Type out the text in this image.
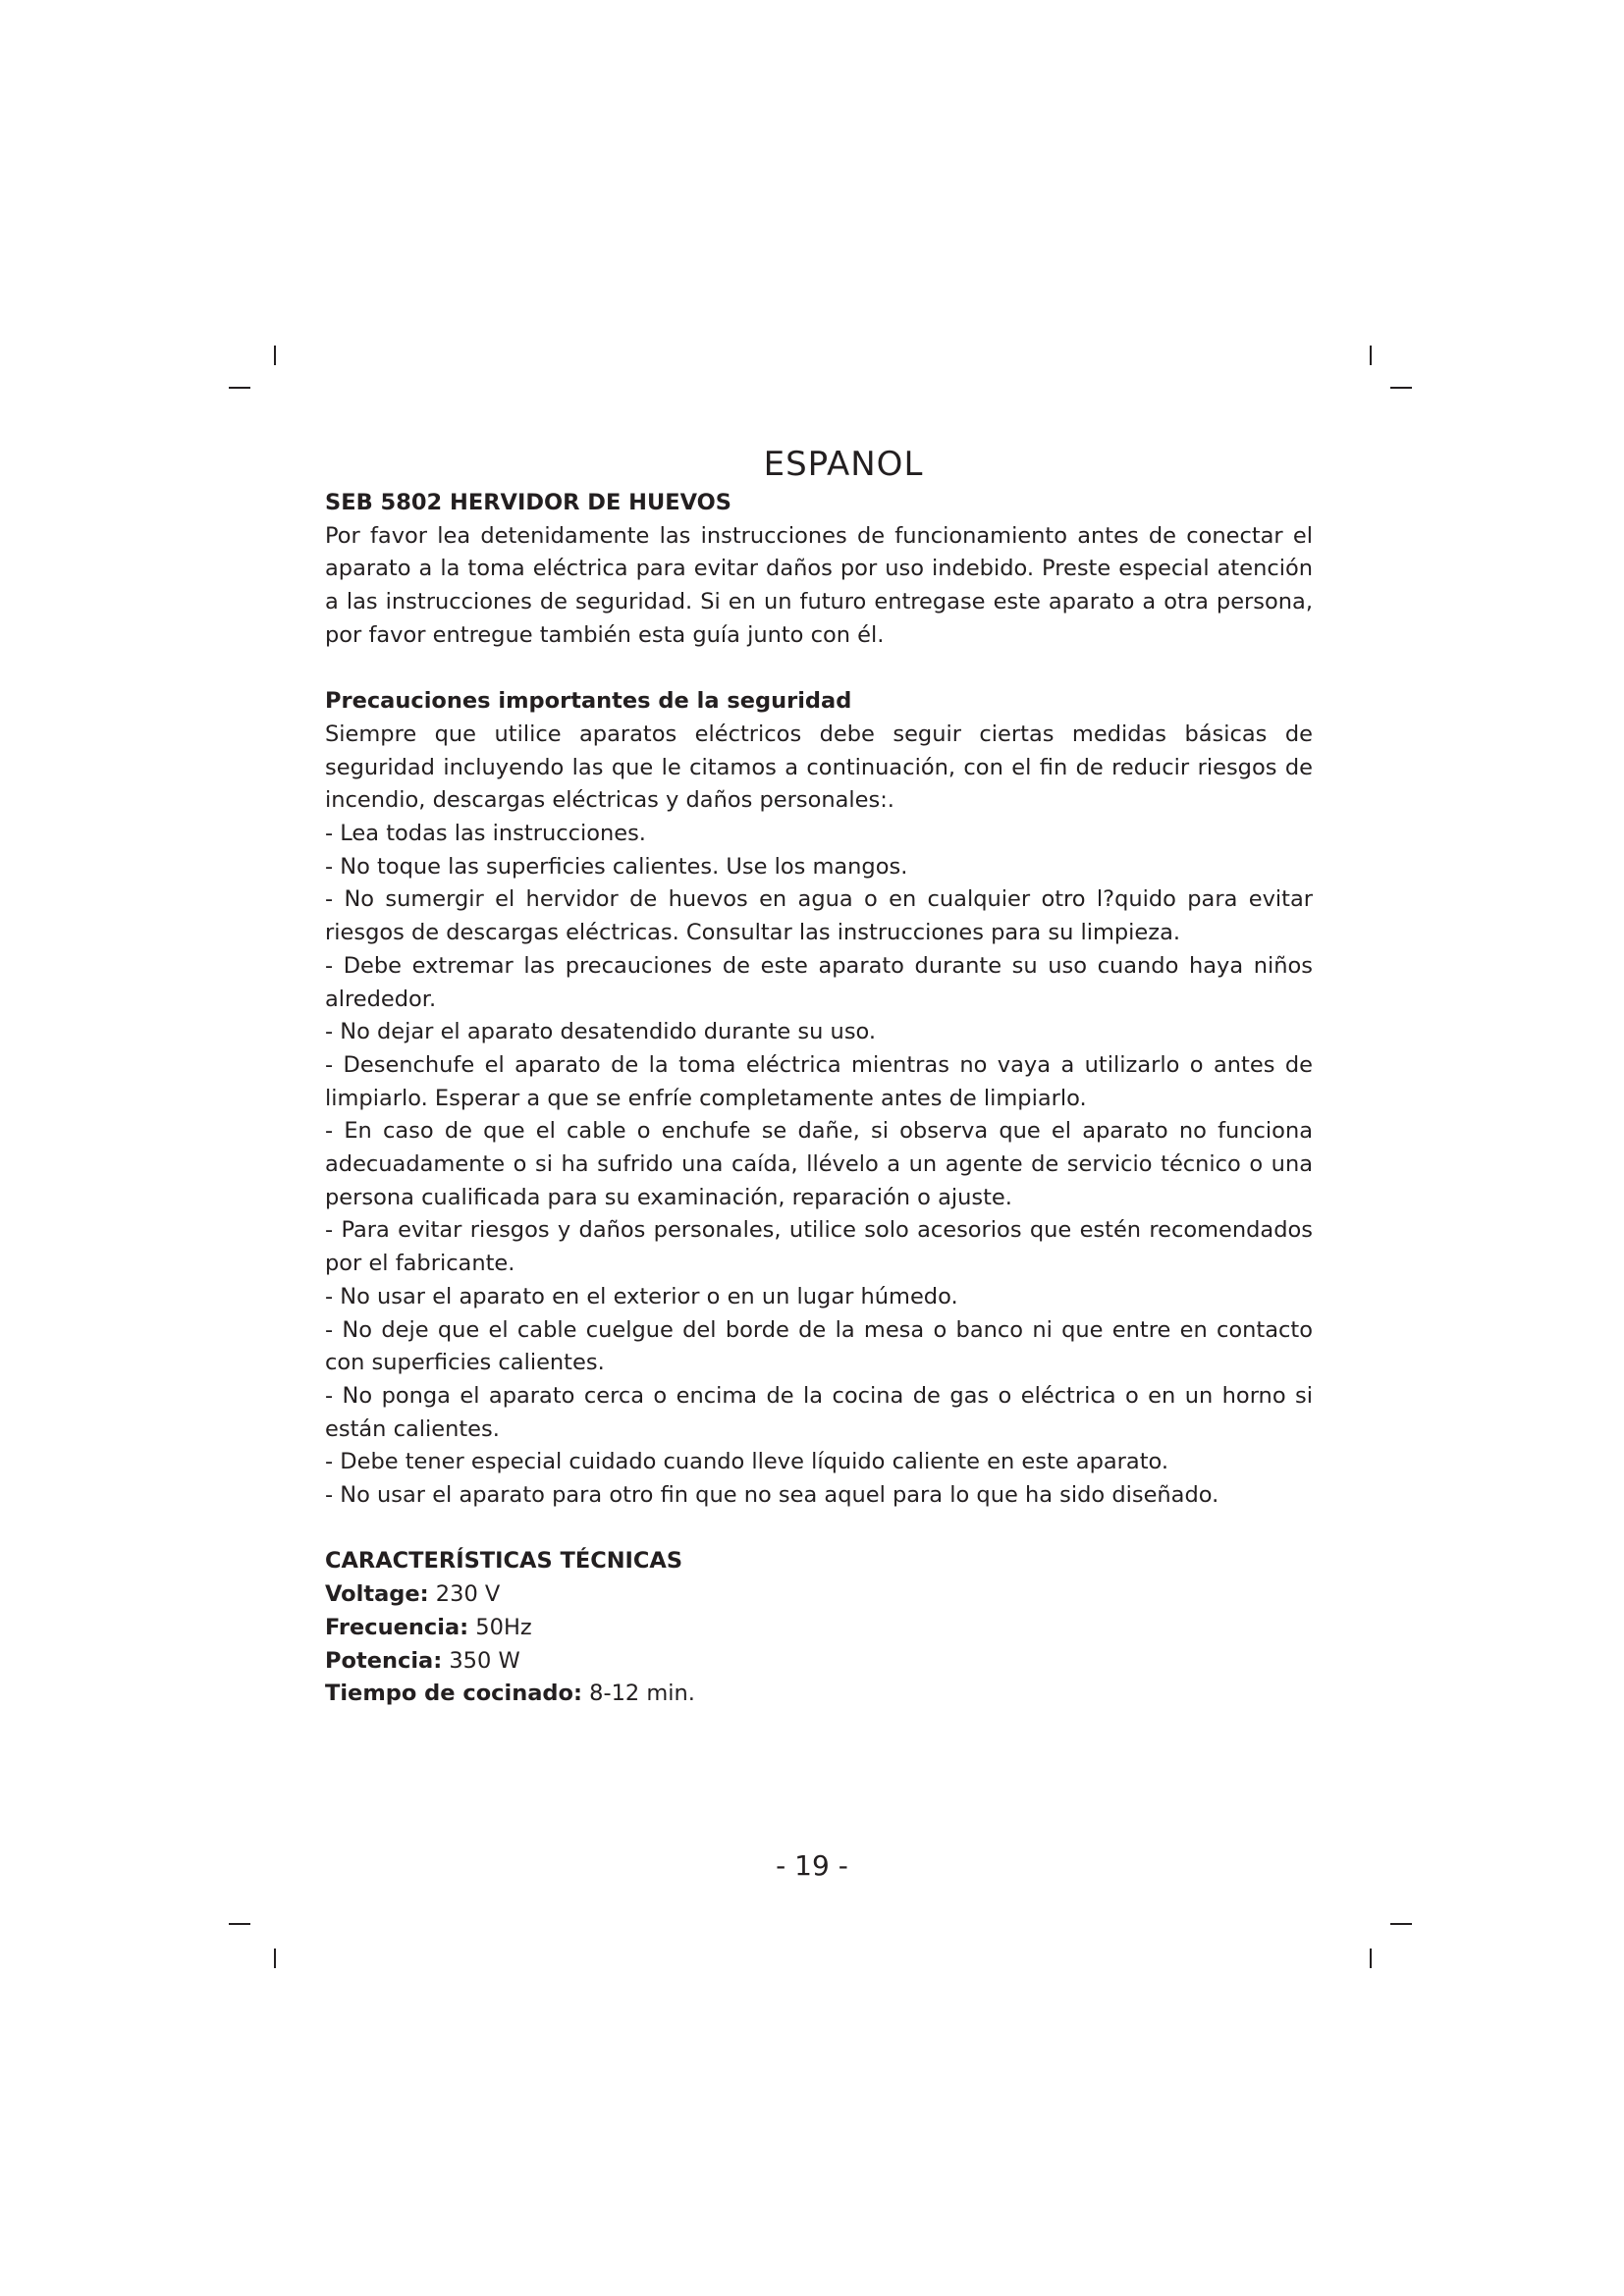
ESPANOL
SEB 5802 HERVIDOR DE HUEVOS

Por favor lea detenidamente las instrucciones de funcionamiento antes de conectar el aparato a la toma eléctrica para evitar daños por uso indebido. Preste especial atención a las instrucciones de seguridad. Si en un futuro entregase este aparato a otra persona, por favor entregue también esta guía junto con él.

Precauciones importantes de la seguridad

Siempre que utilice aparatos eléctricos debe seguir ciertas medidas básicas de seguridad incluyendo las que le citamos a continuación, con el fin de reducir riesgos de incendio, descargas eléctricas y daños personales:.

- Lea todas las instrucciones.
- No toque las superficies calientes. Use los mangos.
- No sumergir el hervidor de huevos en agua o en cualquier otro l?quido para evitar riesgos de descargas eléctricas. Consultar las instrucciones para su limpieza.
- Debe extremar las precauciones de este aparato durante su uso cuando haya niños alrededor.
- No dejar el aparato desatendido durante su uso.
- Desenchufe el aparato de la toma eléctrica mientras no vaya a utilizarlo o antes de limpiarlo. Esperar a que se enfríe completamente antes de limpiarlo.
- En caso de que el cable o enchufe se dañe, si observa que el aparato no funciona adecuadamente o si ha sufrido una caída, llévelo a un agente de servicio técnico o una persona cualificada para su examinación, reparación o ajuste.
- Para evitar riesgos y daños personales, utilice solo acesorios que estén recomendados por el fabricante.
- No usar el aparato en el exterior o en un lugar húmedo.
- No deje que el cable cuelgue del borde de la mesa o banco ni que entre en contacto con superficies calientes.
- No ponga el aparato cerca o encima de la cocina de gas o eléctrica o en un horno si están calientes.
- Debe tener especial cuidado cuando lleve líquido caliente en este aparato.
- No usar el aparato para otro fin que no sea aquel para lo que ha sido diseñado.
CARACTERÍSTICAS TÉCNICAS

Voltage: 230 V

Frecuencia: 50Hz

Potencia: 350 W

Tiempo de cocinado: 8-12 min.

- 19 -
